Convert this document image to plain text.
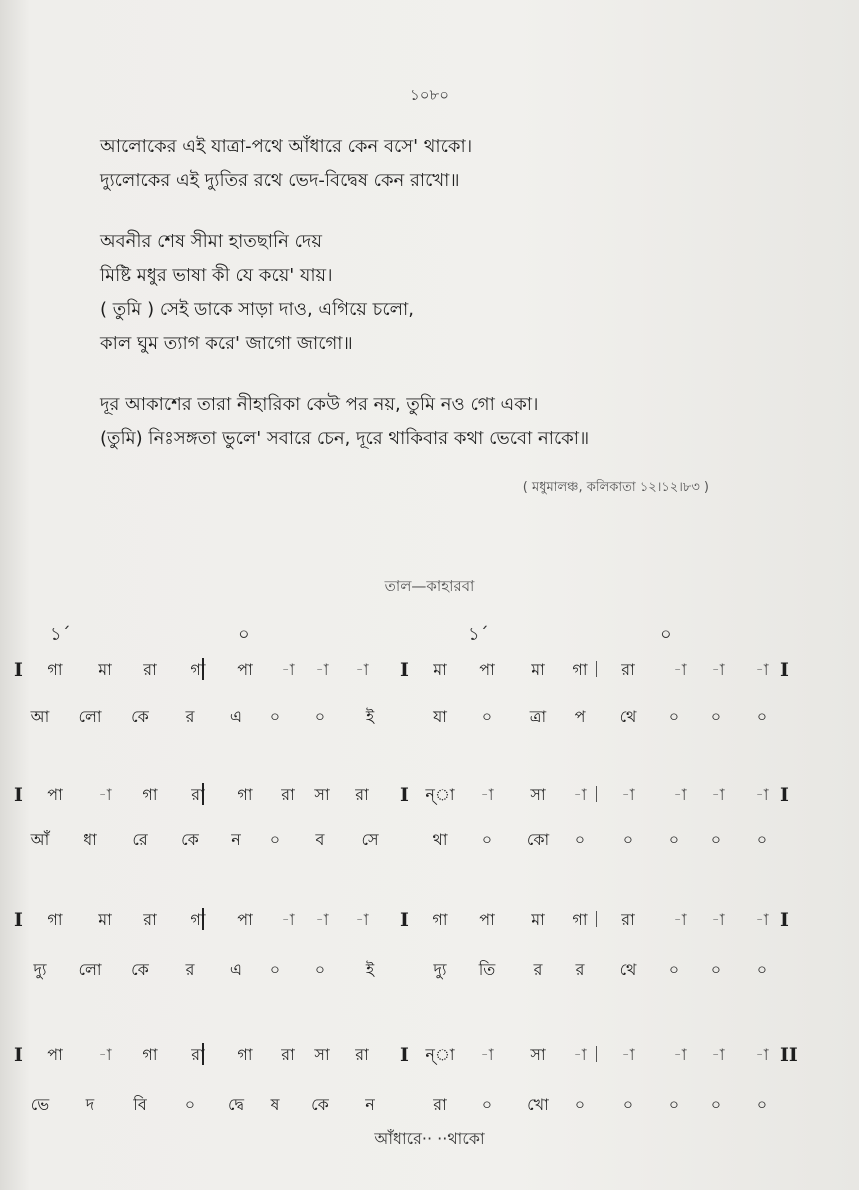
১০৮০
আলোকের এই যাত্রা-পথে আঁধারে কেন বসে' থাকো।
দ্যুলোকের এই দ্যুতির রথে ভেদ-বিদ্বেষ কেন রাখো॥
অবনীর শেষ সীমা হাতছানি দেয়
মিষ্টি মধুর ভাষা কী যে কয়ে' যায়।
( তুমি ) সেই ডাকে সাড়া দাও, এগিয়ে চলো,
কাল ঘুম ত্যাগ করে' জাগো জাগো॥
দূর আকাশের তারা নীহারিকা কেউ পর নয়, তুমি নও গো একা।
(তুমি) নিঃসঙ্গতা ভুলে' সবারে চেন, দূরে থাকিবার কথা ভেবো নাকো॥
( মধুমালঞ্চ, কলিকাতা ১২।১২।৮৩ )
তাল—কাহারবা
১´	০	১´	০
I	I	I
গা	মা	রা	গা	পা	-া	-া	-া	মা	পা	মা	গা	রা	-া	-া	-া
আ	লো	কে	র	এ	০	০	ই	যা	০	ত্রা	প	থে	০	০	০
I	I	I
পা	-া	গা	রা	গা	রা	সা	রা	ন্া	-া	সা	-া	-া	-া	-া	-া
আঁ	ধা	রে	কে	ন	০	ব	সে	থা	০	কো	০	০	০	০	০
I	I	I
গা	মা	রা	গা	পা	-া	-া	-া	গা	পা	মা	গা	রা	-া	-া	-া
দ্যু	লো	কে	র	এ	০	০	ই	দ্যু	তি	র	র	থে	০	০	০
I	I	II
পা	-া	গা	রা	গা	রা	সা	রা	ন্া	-া	সা	-া	-া	-া	-া	-া
ভে	দ	বি	০	দ্বে	ষ	কে	ন	রা	০	খো	০	০	০	০	০
আঁধারে·· ··থাকো
